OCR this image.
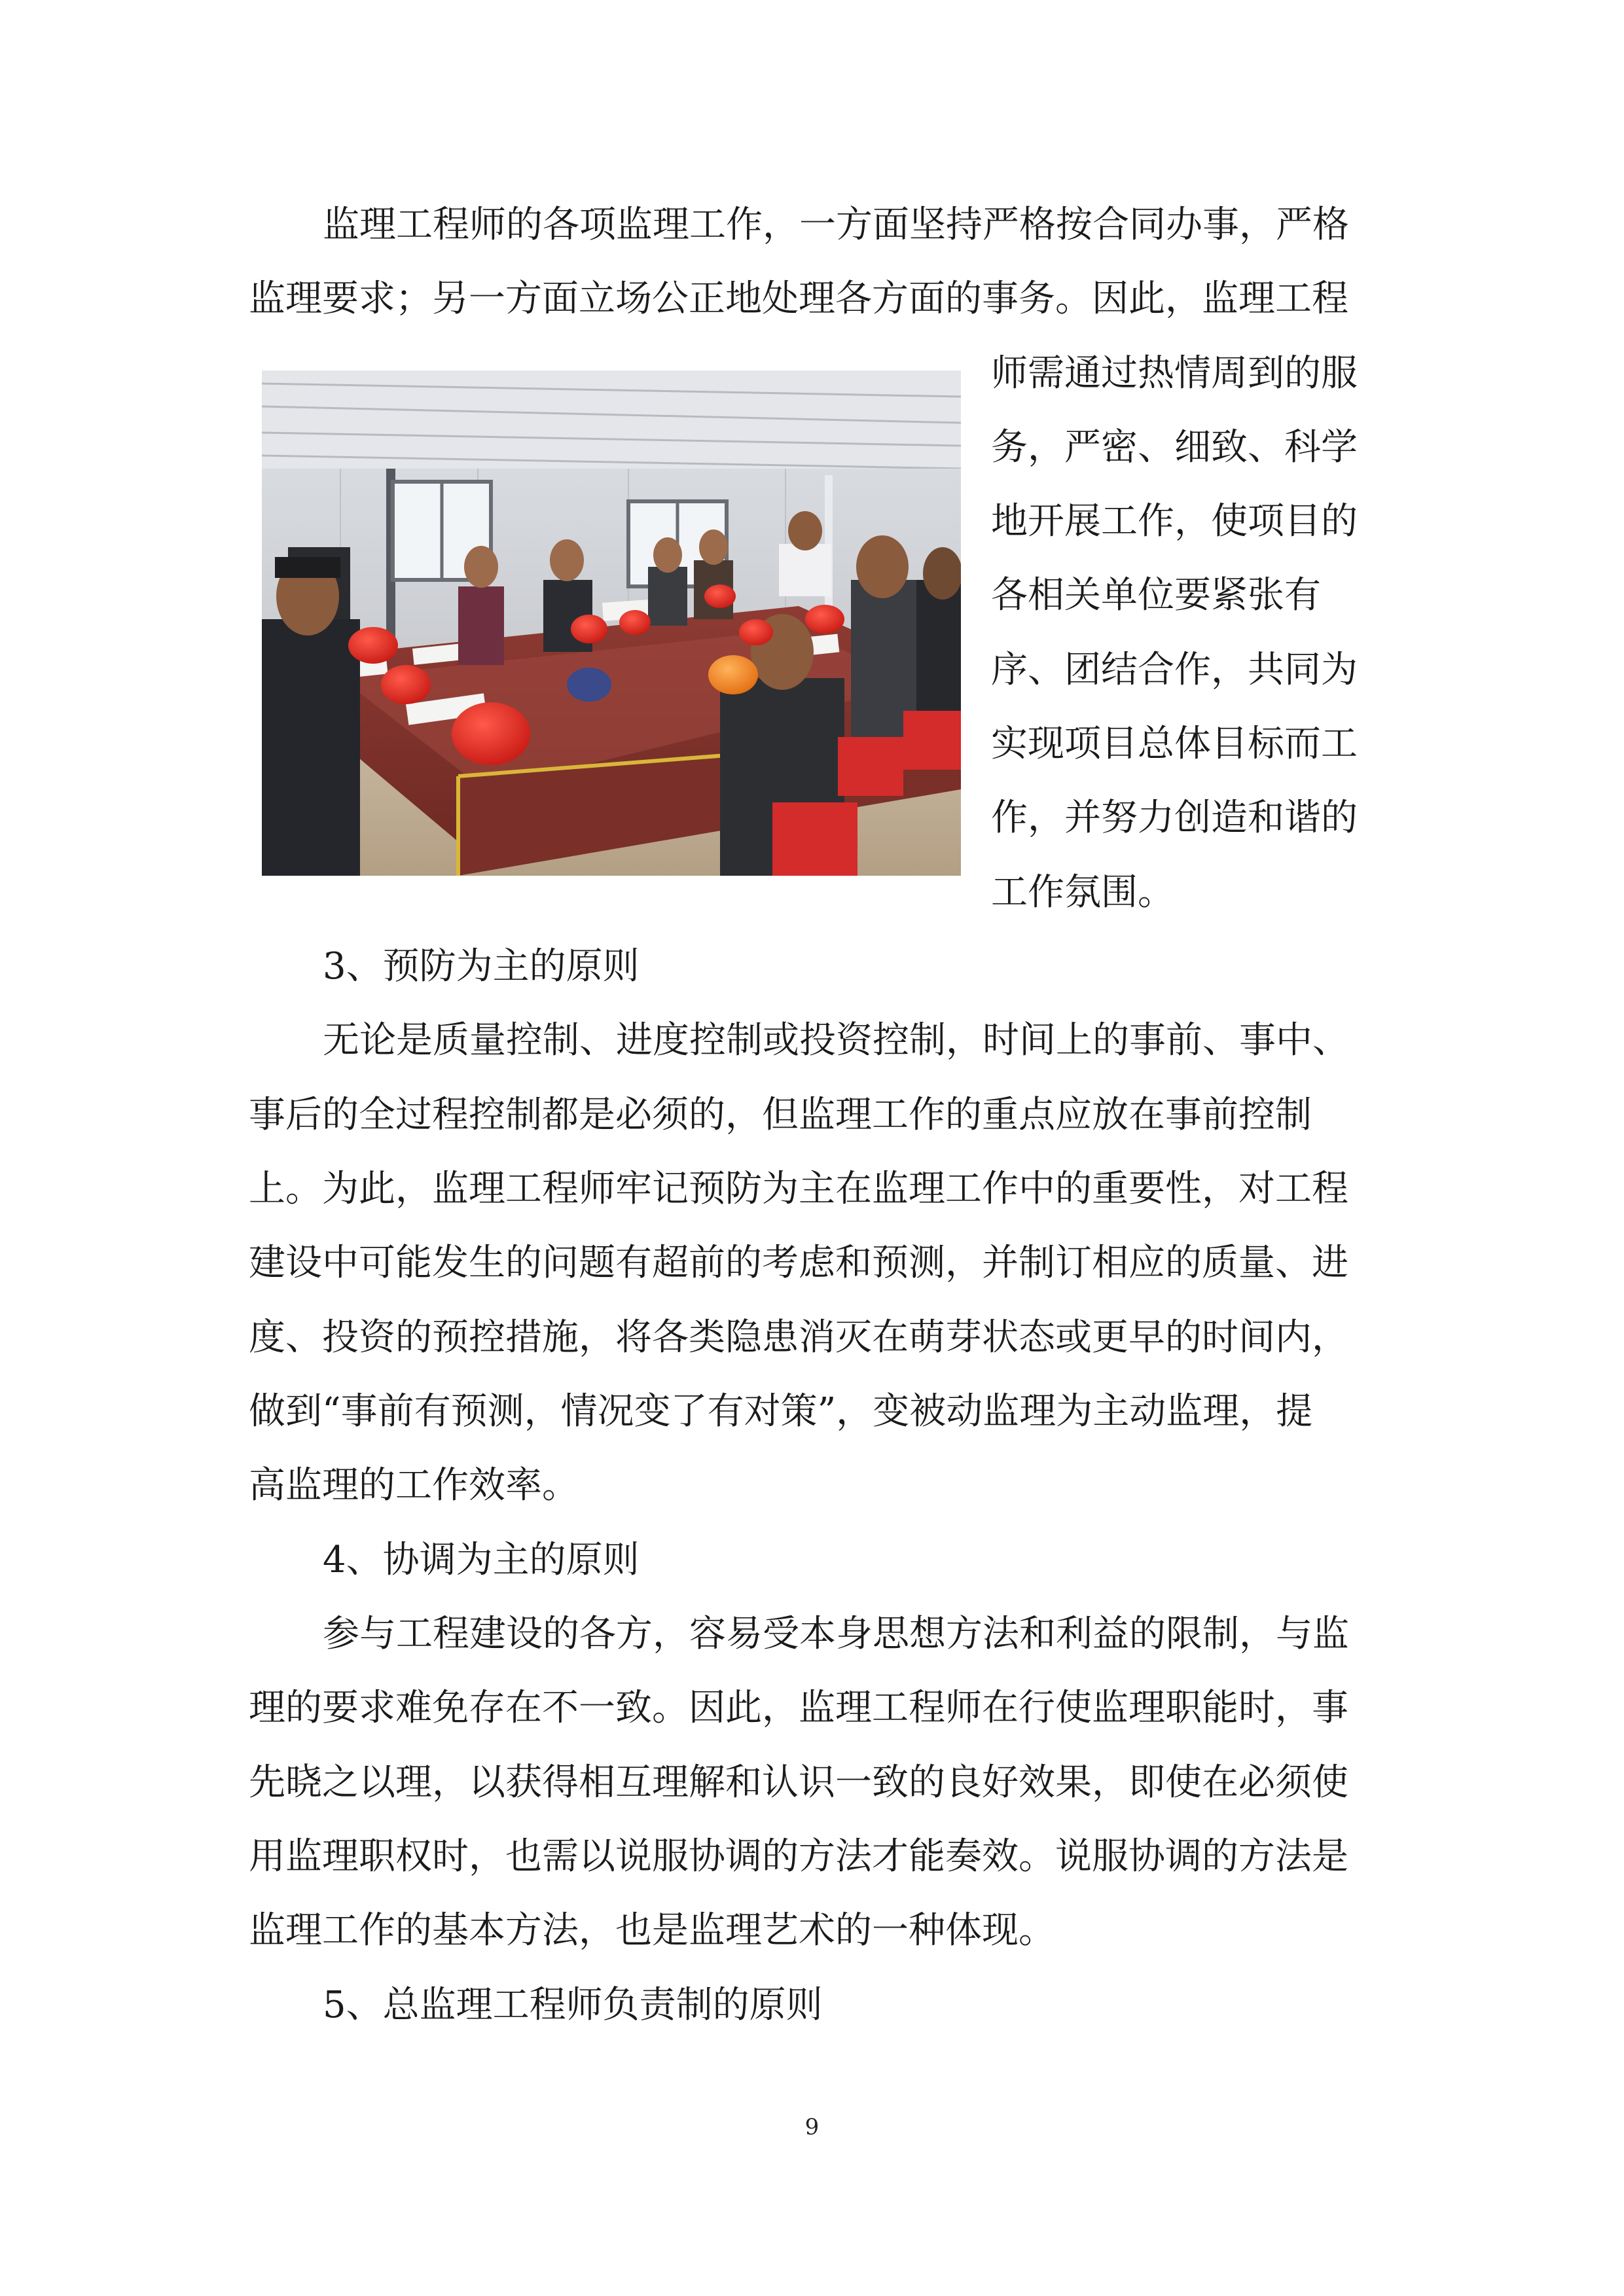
监理工程师的各项监理工作，一方面坚持严格按合同办事，严格

监理要求；另一方面立场公正地处理各方面的事务。因此，监理工程

师需通过热情周到的服

务，严密、细致、科学

地开展工作，使项目的

各相关单位要紧张有

序、团结合作，共同为

实现项目总体目标而工

作，并努力创造和谐的

工作氛围。

3、预防为主的原则

无论是质量控制、进度控制或投资控制，时间上的事前、事中、

事后的全过程控制都是必须的，但监理工作的重点应放在事前控制

上。为此，监理工程师牢记预防为主在监理工作中的重要性，对工程

建设中可能发生的问题有超前的考虑和预测，并制订相应的质量、进

度、投资的预控措施，将各类隐患消灭在萌芽状态或更早的时间内，

做到“事前有预测，情况变了有对策”，变被动监理为主动监理，提

高监理的工作效率。

4、协调为主的原则

参与工程建设的各方，容易受本身思想方法和利益的限制，与监

理的要求难免存在不一致。因此，监理工程师在行使监理职能时，事

先晓之以理，以获得相互理解和认识一致的良好效果，即使在必须使

用监理职权时，也需以说服协调的方法才能奏效。说服协调的方法是

监理工作的基本方法，也是监理艺术的一种体现。

5、总监理工程师负责制的原则

9
